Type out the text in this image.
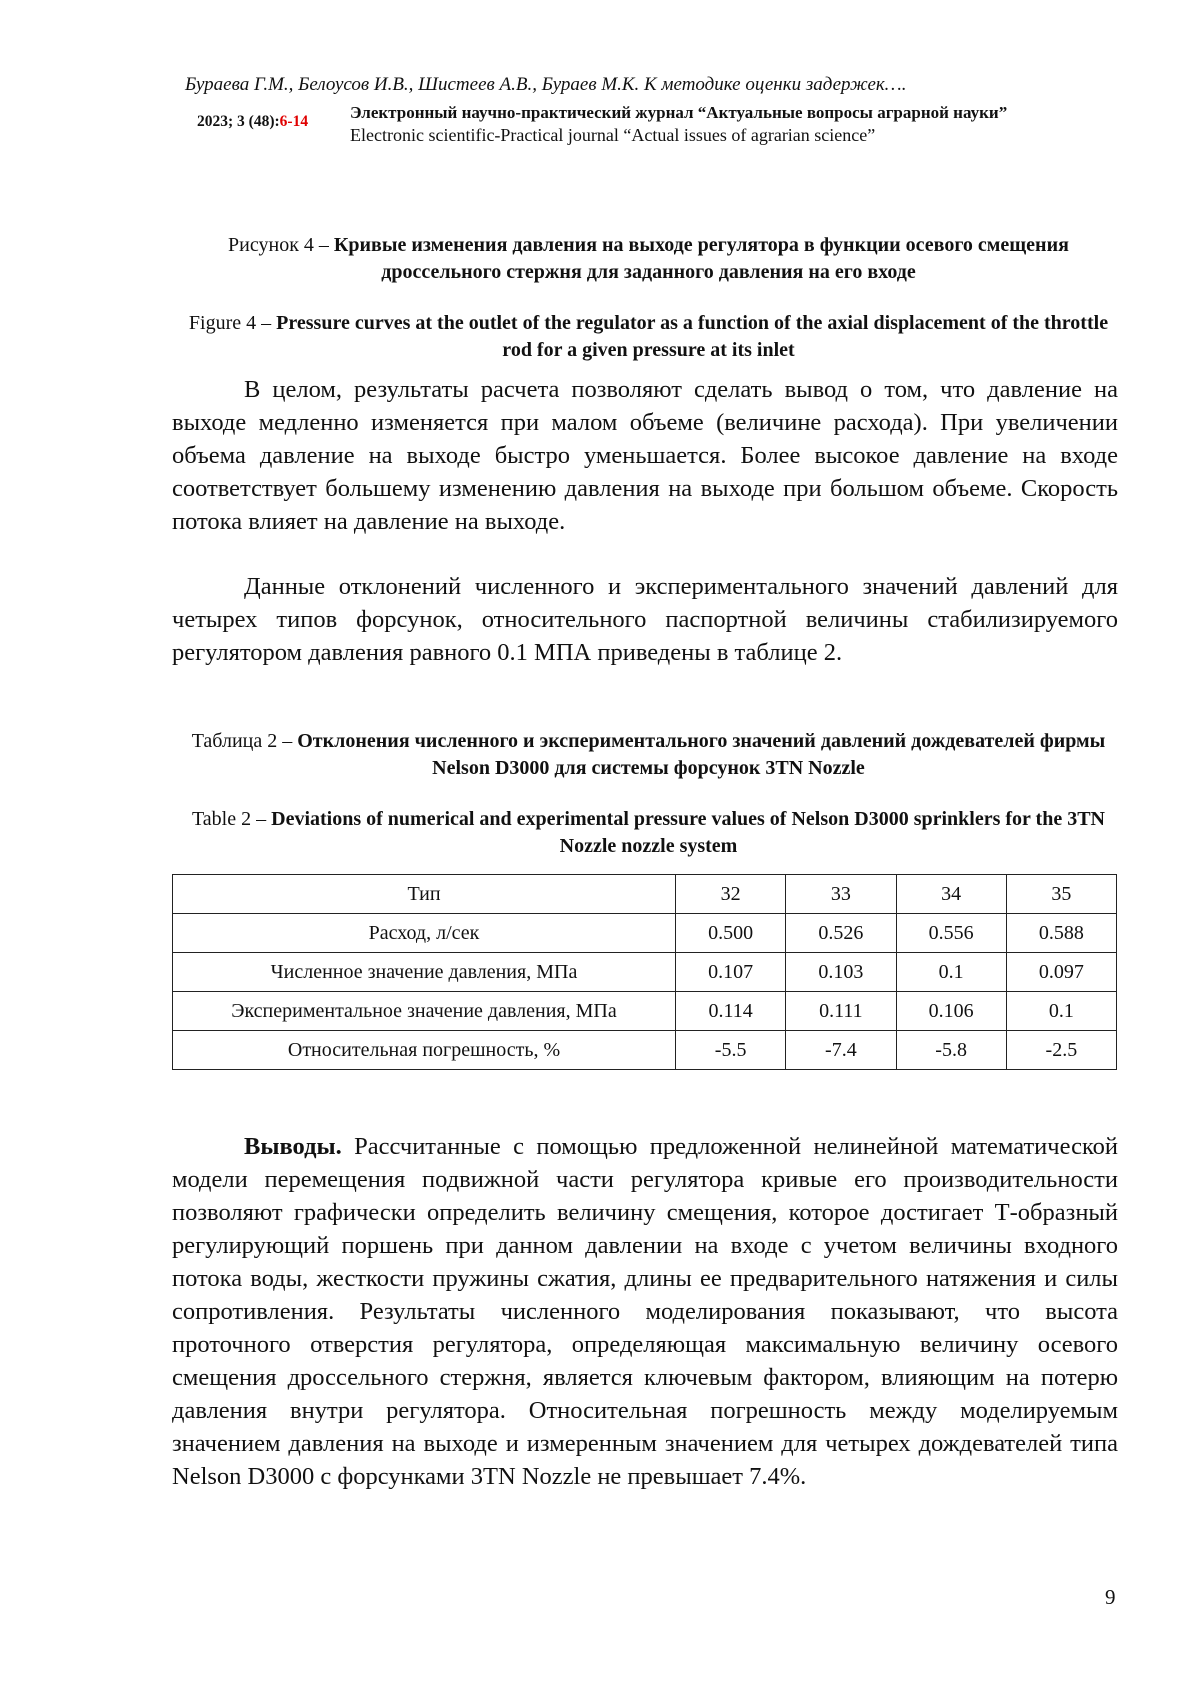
Бураева Г.М., Белоусов И.В., Шистеев А.В., Бураев М.К. К методике оценки задержек….
2023; 3 (48):6-14 Электронный научно-практический журнал “Актуальные вопросы аграрной науки”
Electronic scientific-Practical journal “Actual issues of agrarian science”
Рисунок 4 – Кривые изменения давления на выходе регулятора в функции осевого смещения дроссельного стержня для заданного давления на его входе
Figure 4 – Pressure curves at the outlet of the regulator as a function of the axial displacement of the throttle rod for a given pressure at its inlet

В целом, результаты расчета позволяют сделать вывод о том, что давление на выходе медленно изменяется при малом объеме (величине расхода). При увеличении объема давление на выходе быстро уменьшается. Более высокое давление на входе соответствует большему изменению давления на выходе при большом объеме. Скорость потока влияет на давление на выходе.

Данные отклонений численного и экспериментального значений давлений для четырех типов форсунок, относительного паспортной величины стабилизируемого регулятором давления равного 0.1 МПА приведены в таблице 2.

Таблица 2 – Отклонения численного и экспериментального значений давлений дождевателей фирмы Nelson D3000 для системы форсунок 3TN Nozzle
Table 2 – Deviations of numerical and experimental pressure values of Nelson D3000 sprinklers for the 3TN Nozzle nozzle system
Тип	32	33	34	35
Расход, л/сек	0.500	0.526	0.556	0.588
Численное значение давления, МПа	0.107	0.103	0.1	0.097
Экспериментальное значение давления, МПа	0.114	0.111	0.106	0.1
Относительная погрешность, %	-5.5	-7.4	-5.8	-2.5

Выводы. Рассчитанные с помощью предложенной нелинейной математической модели перемещения подвижной части регулятора кривые его производительности позволяют графически определить величину смещения, которое достигает Т-образный регулирующий поршень при данном давлении на входе с учетом величины входного потока воды, жесткости пружины сжатия, длины ее предварительного натяжения и силы сопротивления. Результаты численного моделирования показывают, что высота проточного отверстия регулятора, определяющая максимальную величину осевого смещения дроссельного стержня, является ключевым фактором, влияющим на потерю давления внутри регулятора. Относительная погрешность между моделируемым значением давления на выходе и измеренным значением для четырех дождевателей типа Nelson D3000 с форсунками 3TN Nozzle не превышает 7.4%.

9
